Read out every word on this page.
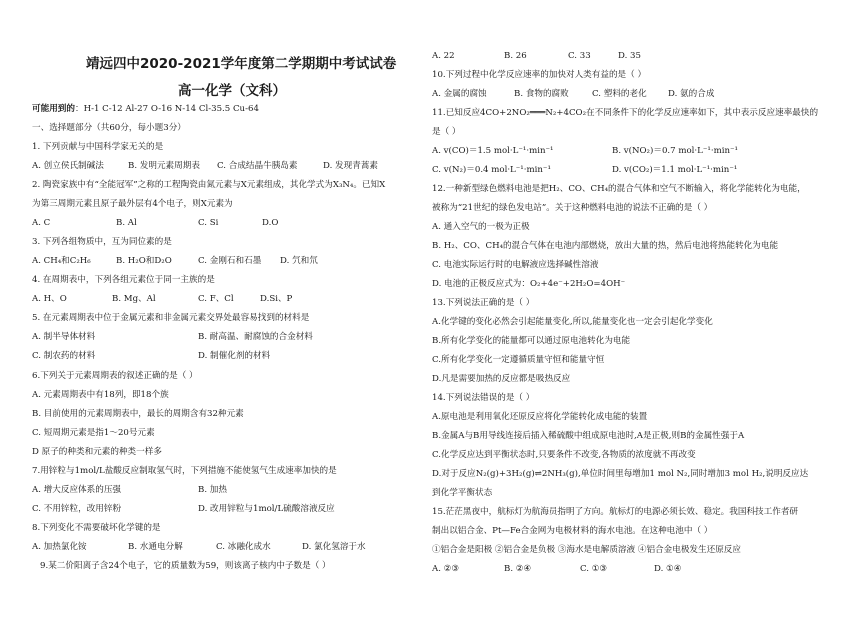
靖远四中2020-2021学年度第二学期期中考试试卷
高一化学（文科）
可能用到的：H-1 C-12 Al-27 O-16 N-14 Cl-35.5 Cu-64
一、选择题部分（共60分，每小题3分）
1. 下列贡献与中国科学家无关的是
A. 创立侯氏制碱法	B. 发明元素周期表 C. 合成结晶牛胰岛素	D. 发现青蒿素
2. 陶瓷家族中有“全能冠军”之称的工程陶瓷由氮元素与X元素组成，其化学式为X₃N₄。已知X
为第三周期元素且原子最外层有4个电子，则X元素为
A. C	B. Al	C. Si	D.O
3. 下列各组物质中，互为同位素的是
A. CH₄和C₂H₆	B. H₂O和D₂O	C. 金刚石和石墨 D. 氕和氘
4. 在周期表中，下列各组元素位于同一主族的是
A. H、O	B. Mg、Al	C. F、Cl	D.Si、P
5. 在元素周期表中位于金属元素和非金属元素交界处最容易找到的材料是
A. 制半导体材料	B. 耐高温、耐腐蚀的合金材料
C. 制农药的材料	D. 制催化剂的材料
6.下列关于元素周期表的叙述正确的是（ ）
A. 元素周期表中有18列，即18个族
B. 目前使用的元素周期表中，最长的周期含有32种元素
C. 短周期元素是指1～20号元素
D 原子的种类和元素的种类一样多
7.用锌粒与1mol/L盐酸反应制取氢气时，下列措施不能使氢气生成速率加快的是
A. 增大反应体系的压强	B. 加热
C. 不用锌粒，改用锌粉	D. 改用锌粒与1mol/L硫酸溶液反应
8.下列变化不需要破坏化学键的是
A. 加热氯化铵	B. 水通电分解	C. 冰融化成水	D. 氯化氢溶于水
9.某二价阳离子含24个电子，它的质量数为59，则该离子核内中子数是（ ）
A. 22	B. 26	C. 33	D. 35
10.下列过程中化学反应速率的加快对人类有益的是（ ）
A. 金属的腐蚀	B. 食物的腐败	C. 塑料的老化 D. 氨的合成
11.已知反应4CO+2NO₂═══N₂+4CO₂在不同条件下的化学反应速率如下，其中表示反应速率最快的
是（ ）
A. v(CO)＝1.5 mol·L⁻¹·min⁻¹	B. v(NO₂)＝0.7 mol·L⁻¹·min⁻¹
C. v(N₂)＝0.4 mol·L⁻¹·min⁻¹	D. v(CO₂)＝1.1 mol·L⁻¹·min⁻¹
12.一种新型绿色燃料电池是把H₂、CO、CH₄的混合气体和空气不断输入，将化学能转化为电能，
被称为“21世纪的绿色发电站”。关于这种燃料电池的说法不正确的是（ ）
A. 通入空气的一极为正极
B. H₂、CO、CH₄的混合气体在电池内部燃烧，放出大量的热，然后电池将热能转化为电能
C. 电池实际运行时的电解液应选择碱性溶液
D. 电池的正极反应式为：O₂+4e⁻+2H₂O=4OH⁻
13.下列说法正确的是（ ）
A.化学键的变化必然会引起能量变化,所以,能量变化也一定会引起化学变化
B.所有化学变化的能量都可以通过原电池转化为电能
C.所有化学变化一定遵循质量守恒和能量守恒
D.凡是需要加热的反应都是吸热反应
14.下列说法错误的是（ ）
A.原电池是利用氧化还原反应将化学能转化成电能的装置
B.金属A与B用导线连接后插入稀硫酸中组成原电池时,A是正极,则B的金属性强于A
C.化学反应达到平衡状态时,只要条件不改变,各物质的浓度就不再改变
D.对于反应N₂(g)+3H₂(g)⇌2NH₃(g),单位时间里每增加1 mol N₂,同时增加3 mol H₂,说明反应达
到化学平衡状态
15.茫茫黑夜中，航标灯为航海员指明了方向。航标灯的电源必须长效、稳定。我国科技工作者研
制出以铝合金、Pt—Fe合金网为电极材料的海水电池。在这种电池中（ ）
①铝合金是阳极 ②铝合金是负极 ③海水是电解质溶液 ④铝合金电极发生还原反应
A. ②③	B. ②④	C. ①③	D. ①④
